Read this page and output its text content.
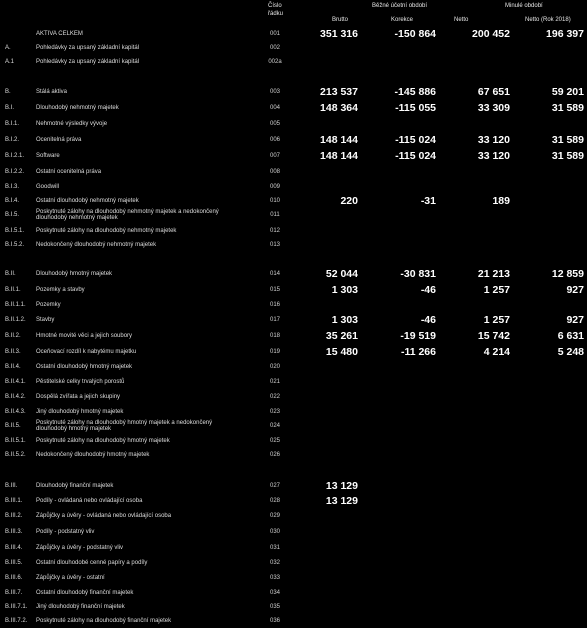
Číslo
řádku
Běžné účetní období	Minulé období
Brutto	Korekce	Netto	Netto (Rok 2018)
AKTIVA CELKEM	001	351 316	-150 864	200 452	196 397
A.	Pohledávky za upsaný základní kapitál	002
A.1	Pohledávky za upsaný základní kapitál	002a
B.	Stálá aktiva	003	213 537	-145 886	67 651	59 201
B.I.	Dlouhodobý nehmotný majetek	004	148 364	-115 055	33 309	31 589
B.I.1.	Nehmotné výsledky vývoje	005
B.I.2.	Ocenitelná práva	006	148 144	-115 024	33 120	31 589
B.I.2.1. Software	007	148 144	-115 024	33 120	31 589
B.I.2.2. Ostatní ocenitelná práva	008
B.I.3.	Goodwill	009
B.I.4.	Ostatní dlouhodobý nehmotný majetek	010	220	-31	189
B.I.5.	Poskytnuté zálohy na dlouhodobý nehmotný majetek a nedokončený dlouhodobý nehmotný majetek	011
B.I.5.1. Poskytnuté zálohy na dlouhodobý nehmotný majetek	012
B.I.5.2. Nedokončený dlouhodobý nehmotný majetek	013
B.II.	Dlouhodobý hmotný majetek	014	52 044	-30 831	21 213	12 859
B.II.1.	Pozemky a stavby	015	1 303	-46	1 257	927
B.II.1.1. Pozemky	016
B.II.1.2. Stavby	017	1 303	-46	1 257	927
B.II.2.	Hmotné movité věci a jejich soubory	018	35 261	-19 519	15 742	6 631
B.II.3.	Oceňovací rozdíl k nabytému majetku	019	15 480	-11 266	4 214	5 248
B.II.4.	Ostatní dlouhodobý hmotný majetek	020
B.II.4.1. Pěstitelské celky trvalých porostů	021
B.II.4.2. Dospělá zvířata a jejich skupiny	022
B.II.4.3. Jiný dlouhodobý hmotný majetek	023
B.II.5.	Poskytnuté zálohy na dlouhodobý hmotný majetek a nedokončený dlouhodobý hmotný majetek	024
B.II.5.1. Poskytnuté zálohy na dlouhodobý hmotný majetek	025
B.II.5.2. Nedokončený dlouhodobý hmotný majetek	026
B.III.	Dlouhodobý finanční majetek	027	13 129
B.III.1. Podíly - ovládaná nebo ovládající osoba	028	13 129
B.III.2. Zápůjčky a úvěry - ovládaná nebo ovládající osoba	029
B.III.3. Podíly - podstatný vliv	030
B.III.4. Zápůjčky a úvěry - podstatný vliv	031
B.III.5. Ostatní dlouhodobé cenné papíry a podíly	032
B.III.6. Zápůjčky a úvěry - ostatní	033
B.III.7. Ostatní dlouhodobý finanční majetek	034
B.III.7.1. Jiný dlouhodobý finanční majetek	035
B.III.7.2. Poskytnuté zálohy na dlouhodobý finanční majetek	036
